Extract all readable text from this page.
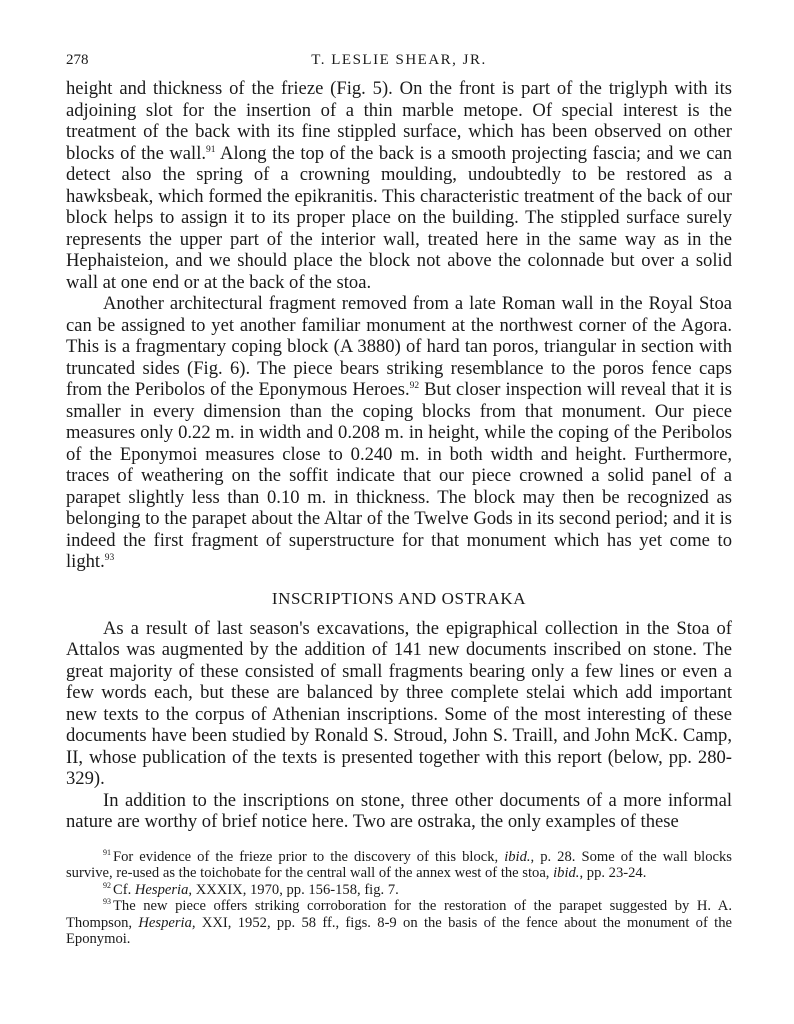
278	T. LESLIE SHEAR, JR.

height and thickness of the frieze (Fig. 5). On the front is part of the triglyph with its adjoining slot for the insertion of a thin marble metope. Of special interest is the treatment of the back with its fine stippled surface, which has been observed on other blocks of the wall.$^{91}$ Along the top of the back is a smooth projecting fascia; and we can detect also the spring of a crowning moulding, undoubtedly to be restored as a hawksbeak, which formed the epikranitis. This characteristic treatment of the back of our block helps to assign it to its proper place on the building. The stippled surface surely represents the upper part of the interior wall, treated here in the same way as in the Hephaisteion, and we should place the block not above the colonnade but over a solid wall at one end or at the back of the stoa.

Another architectural fragment removed from a late Roman wall in the Royal Stoa can be assigned to yet another familiar monument at the northwest corner of the Agora. This is a fragmentary coping block (A 3880) of hard tan poros, triangular in section with truncated sides (Fig. 6). The piece bears striking resemblance to the poros fence caps from the Peribolos of the Eponymous Heroes.$^{92}$ But closer inspection will reveal that it is smaller in every dimension than the coping blocks from that monument. Our piece measures only 0.22 m. in width and 0.208 m. in height, while the coping of the Peribolos of the Eponymoi measures close to 0.240 m. in both width and height. Furthermore, traces of weathering on the soffit indicate that our piece crowned a solid panel of a parapet slightly less than 0.10 m. in thickness. The block may then be recognized as belonging to the parapet about the Altar of the Twelve Gods in its second period; and it is indeed the first fragment of superstructure for that monument which has yet come to light.$^{93}$

INSCRIPTIONS AND OSTRAKA

As a result of last season's excavations, the epigraphical collection in the Stoa of Attalos was augmented by the addition of 141 new documents inscribed on stone. The great majority of these consisted of small fragments bearing only a few lines or even a few words each, but these are balanced by three complete stelai which add important new texts to the corpus of Athenian inscriptions. Some of the most interesting of these documents have been studied by Ronald S. Stroud, John S. Traill, and John McK. Camp, II, whose publication of the texts is presented together with this report (below, pp. 280-329).

In addition to the inscriptions on stone, three other documents of a more informal nature are worthy of brief notice here. Two are ostraka, the only examples of these

$^{91}$ For evidence of the frieze prior to the discovery of this block, ibid., p. 28. Some of the wall blocks survive, re-used as the toichobate for the central wall of the annex west of the stoa, ibid., pp. 23-24.

$^{92}$ Cf. Hesperia, XXXIX, 1970, pp. 156-158, fig. 7.

$^{93}$ The new piece offers striking corroboration for the restoration of the parapet suggested by H. A. Thompson, Hesperia, XXI, 1952, pp. 58 ff., figs. 8-9 on the basis of the fence about the monument of the Eponymoi.
